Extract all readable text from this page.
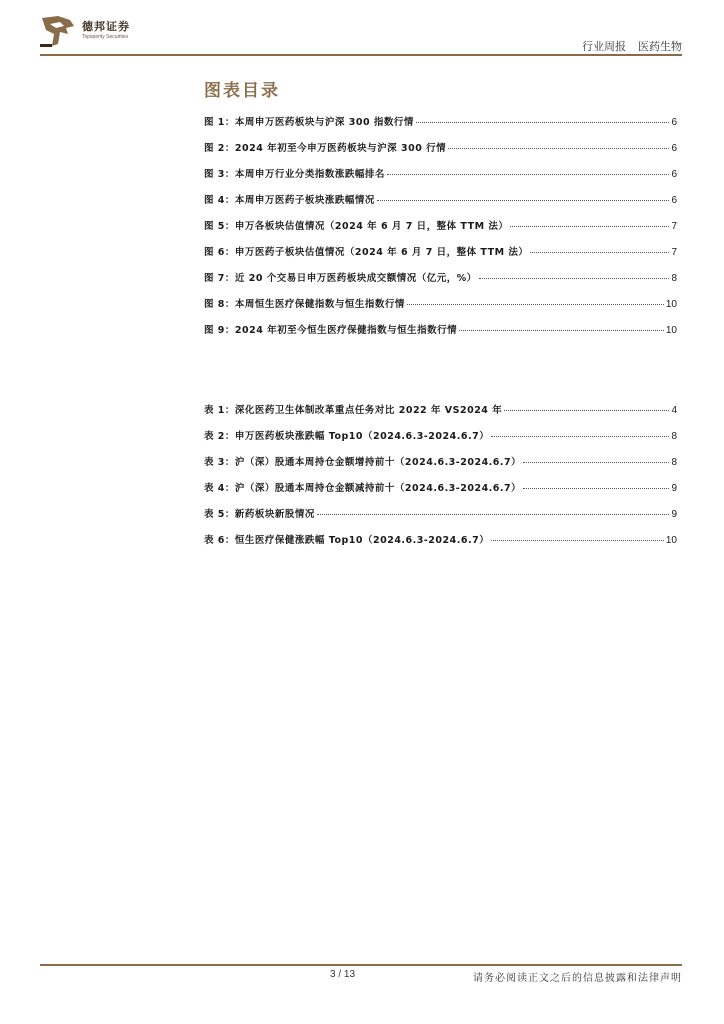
德邦证券
Topsperity Securities
行业周报 医药生物
图表目录
图 1：本周申万医药板块与沪深 300 指数行情	6
图 2：2024 年初至今申万医药板块与沪深 300 行情	6
图 3：本周申万行业分类指数涨跌幅排名	6
图 4：本周申万医药子板块涨跌幅情况	6
图 5：申万各板块估值情况（2024 年 6 月 7 日，整体 TTM 法）	7
图 6：申万医药子板块估值情况（2024 年 6 月 7 日，整体 TTM 法）	7
图 7：近 20 个交易日申万医药板块成交额情况（亿元，%）	8
图 8：本周恒生医疗保健指数与恒生指数行情	10
图 9：2024 年初至今恒生医疗保健指数与恒生指数行情	10
表 1：深化医药卫生体制改革重点任务对比 2022 年 VS2024 年	4
表 2：申万医药板块涨跌幅 Top10（2024.6.3-2024.6.7）	8
表 3：沪（深）股通本周持仓金额增持前十（2024.6.3-2024.6.7）	8
表 4：沪（深）股通本周持仓金额减持前十（2024.6.3-2024.6.7）	9
表 5：新药板块新股情况	9
表 6：恒生医疗保健涨跌幅 Top10（2024.6.3-2024.6.7）	10
3 / 13	请务必阅读正文之后的信息披露和法律声明
